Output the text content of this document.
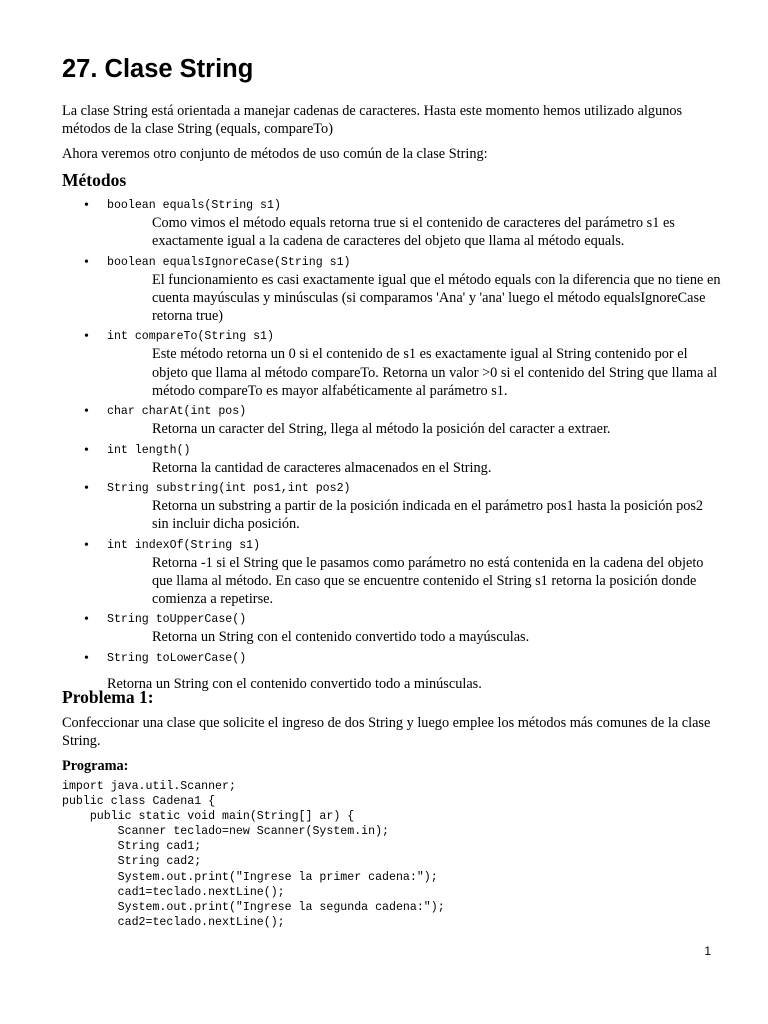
27. Clase String

La clase String está orientada a manejar cadenas de caracteres. Hasta este momento hemos utilizado algunos métodos de la clase String (equals, compareTo)

Ahora veremos otro conjunto de métodos de uso común de la clase String:

Métodos
• boolean equals(String s1)
Como vimos el método equals retorna true si el contenido de caracteres del parámetro s1 es exactamente igual a la cadena de caracteres del objeto que llama al método equals.
• boolean equalsIgnoreCase(String s1)
El funcionamiento es casi exactamente igual que el método equals con la diferencia que no tiene en cuenta mayúsculas y minúsculas (si comparamos 'Ana' y 'ana' luego el método equalsIgnoreCase retorna true)
• int compareTo(String s1)
Este método retorna un 0 si el contenido de s1 es exactamente igual al String contenido por el objeto que llama al método compareTo. Retorna un valor >0 si el contenido del String que llama al método compareTo es mayor alfabéticamente al parámetro s1.
• char charAt(int pos)
Retorna un caracter del String, llega al método la posición del caracter a extraer.
• int length()
Retorna la cantidad de caracteres almacenados en el String.
• String substring(int pos1,int pos2)
Retorna un substring a partir de la posición indicada en el parámetro pos1 hasta la posición pos2 sin incluir dicha posición.
• int indexOf(String s1)
Retorna -1 si el String que le pasamos como parámetro no está contenida en la cadena del objeto que llama al método. En caso que se encuentre contenido el String s1 retorna la posición donde comienza a repetirse.
• String toUpperCase()
Retorna un String con el contenido convertido todo a mayúsculas.
• String toLowerCase()
Retorna un String con el contenido convertido todo a minúsculas.
Problema 1:

Confeccionar una clase que solicite el ingreso de dos String y luego emplee los métodos más comunes de la clase String.

Programa:
import java.util.Scanner;
public class Cadena1 {
public static void main(String[] ar) {
Scanner teclado=new Scanner(System.in);
String cad1;
String cad2;
System.out.print("Ingrese la primer cadena:");
cad1=teclado.nextLine();
System.out.print("Ingrese la segunda cadena:");
cad2=teclado.nextLine();
1
